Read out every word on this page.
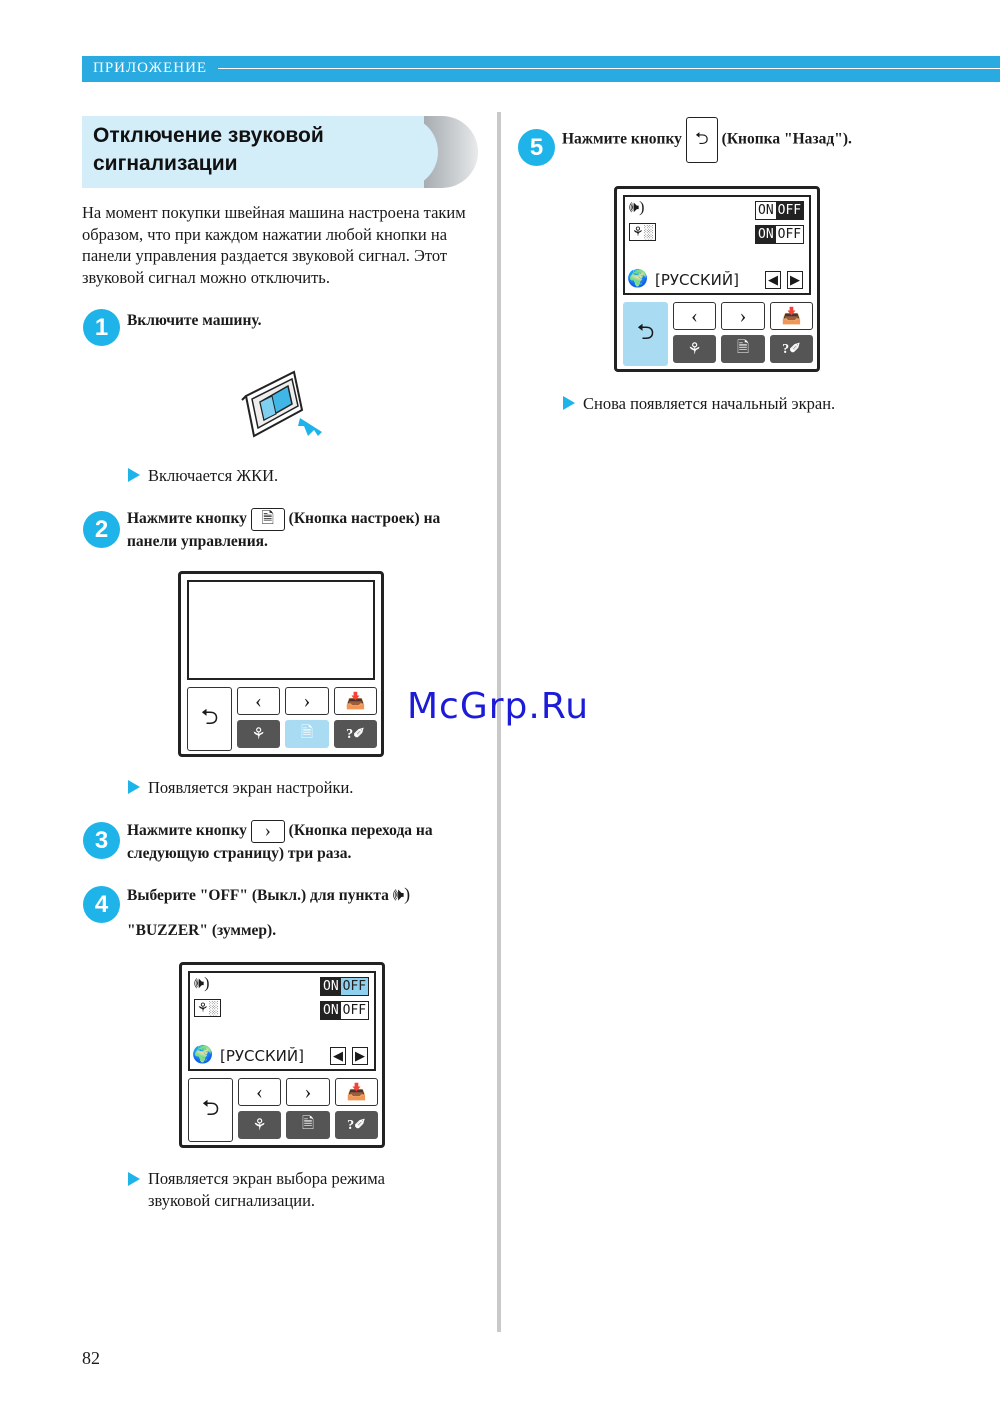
ПРИЛОЖЕНИЕ
Отключение звуковой
сигнализации
На момент покупки швейная машина настроена таким образом, что при каждом нажатии любой кнопки на панели управления раздается звуковой сигнал. Этот звуковой сигнал можно отключить.
1	Включите машину.
Включается ЖКИ.
2	Нажмите кнопку 🗎 (Кнопка настроек) на
панели управления.
⮌
‹ › 📥
⚘ 🗎 ?✐
Появляется экран настройки.
3	Нажмите кнопку › (Кнопка перехода на
следующую страницу) три раза.
4	Выберите "OFF" (Выкл.) для пункта 🕪)
"BUZZER" (зуммер).
🕪)	ON OFF
⚘░	ON OFF
🌍 [РУССКИЙ] ◀ ▶
⮌
‹ › 📥
⚘ 🗎 ?✐
Появляется экран выбора режима
звуковой сигнализации.
5	Нажмите кнопку ⮌ (Кнопка "Назад").
🕪)	ON OFF
⚘░	ON OFF
🌍 [РУССКИЙ] ◀ ▶
⮌
‹ › 📥
⚘ 🗎 ?✐
Снова появляется начальный экран.
McGrp.Ru
82
